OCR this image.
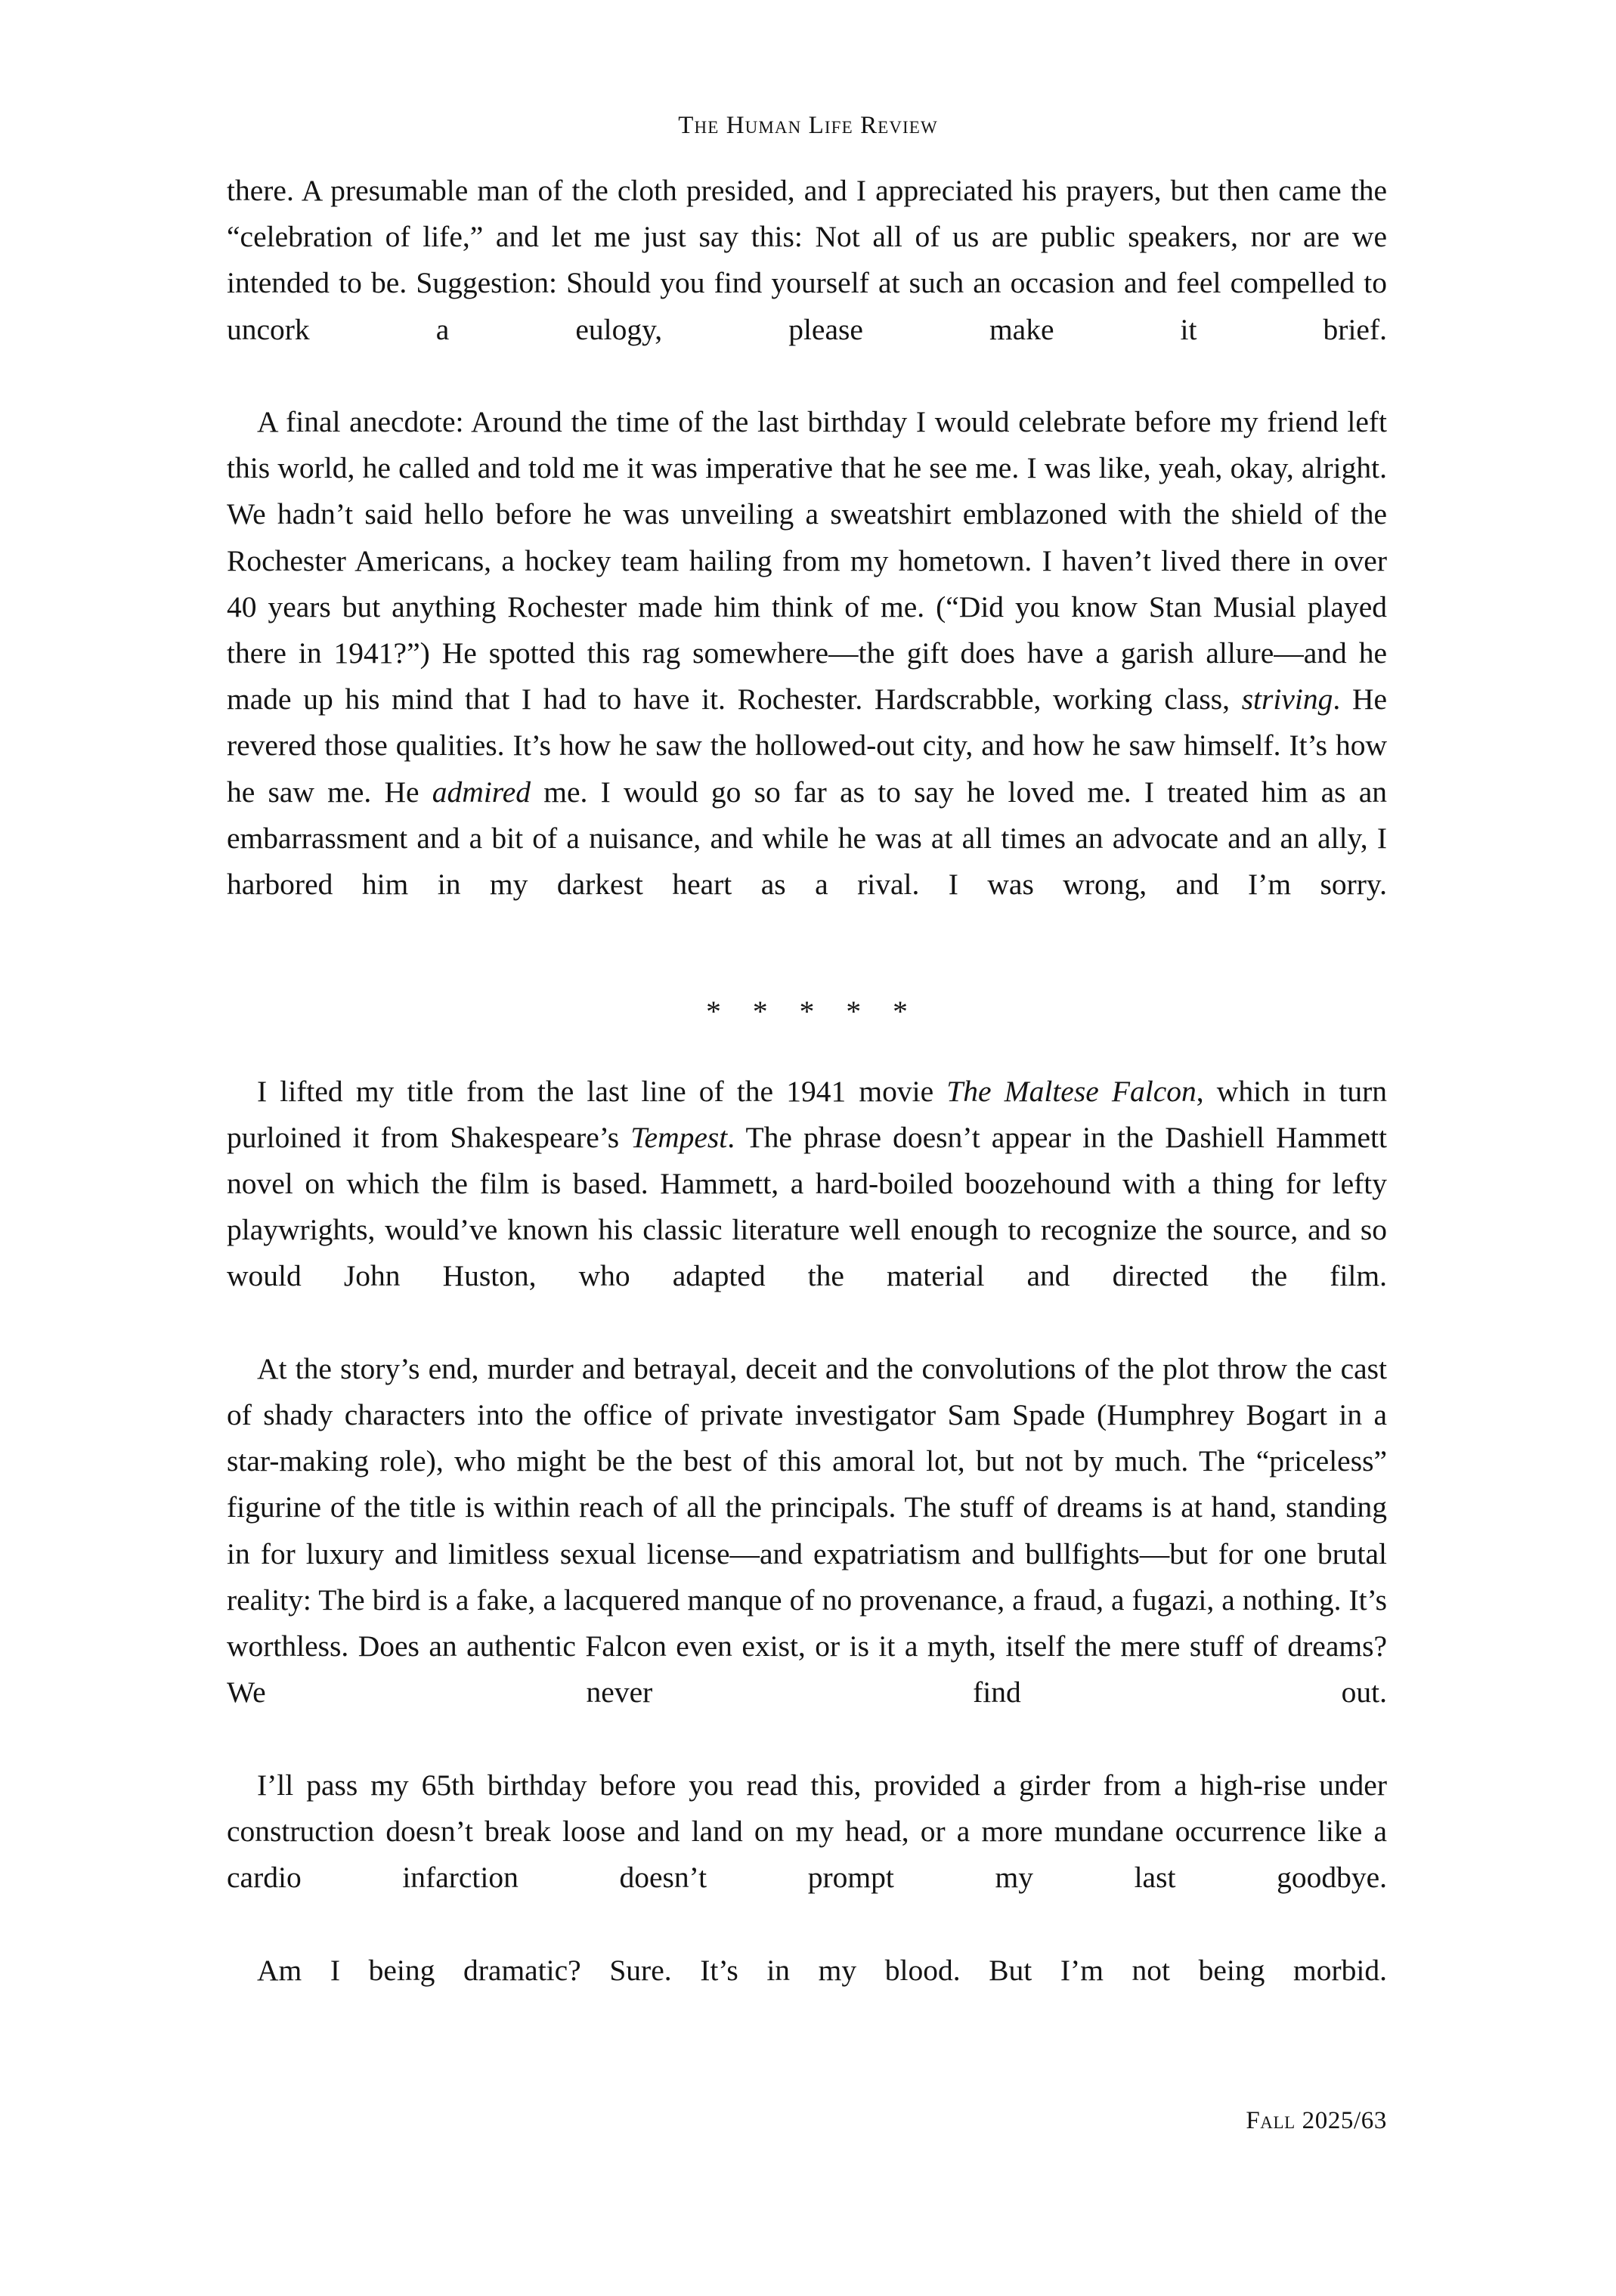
The Human Life Review

there. A presumable man of the cloth presided, and I appreciated his prayers, but then came the “celebration of life,” and let me just say this: Not all of us are public speakers, nor are we intended to be. Suggestion: Should you find yourself at such an occasion and feel compelled to uncork a eulogy, please make it brief.

A final anecdote: Around the time of the last birthday I would celebrate before my friend left this world, he called and told me it was imperative that he see me. I was like, yeah, okay, alright. We hadn’t said hello before he was unveiling a sweatshirt emblazoned with the shield of the Rochester Americans, a hockey team hailing from my hometown. I haven’t lived there in over 40 years but anything Rochester made him think of me. (“Did you know Stan Musial played there in 1941?”) He spotted this rag somewhere—the gift does have a garish allure—and he made up his mind that I had to have it. Rochester. Hardscrabble, working class, striving. He revered those qualities. It’s how he saw the hollowed-out city, and how he saw himself. It’s how he saw me. He admired me. I would go so far as to say he loved me. I treated him as an embarrassment and a bit of a nuisance, and while he was at all times an advocate and an ally, I harbored him in my darkest heart as a rival. I was wrong, and I’m sorry.

* * * * *

I lifted my title from the last line of the 1941 movie The Maltese Falcon, which in turn purloined it from Shakespeare’s Tempest. The phrase doesn’t appear in the Dashiell Hammett novel on which the film is based. Hammett, a hard-boiled boozehound with a thing for lefty playwrights, would’ve known his classic literature well enough to recognize the source, and so would John Huston, who adapted the material and directed the film.

At the story’s end, murder and betrayal, deceit and the convolutions of the plot throw the cast of shady characters into the office of private investigator Sam Spade (Humphrey Bogart in a star-making role), who might be the best of this amoral lot, but not by much. The “priceless” figurine of the title is within reach of all the principals. The stuff of dreams is at hand, standing in for luxury and limitless sexual license—and expatriatism and bullfights—but for one brutal reality: The bird is a fake, a lacquered manque of no provenance, a fraud, a fugazi, a nothing. It’s worthless. Does an authentic Falcon even exist, or is it a myth, itself the mere stuff of dreams? We never find out.

I’ll pass my 65th birthday before you read this, provided a girder from a high-rise under construction doesn’t break loose and land on my head, or a more mundane occurrence like a cardio infarction doesn’t prompt my last goodbye.

Am I being dramatic? Sure. It’s in my blood. But I’m not being morbid.

Fall 2025/63
